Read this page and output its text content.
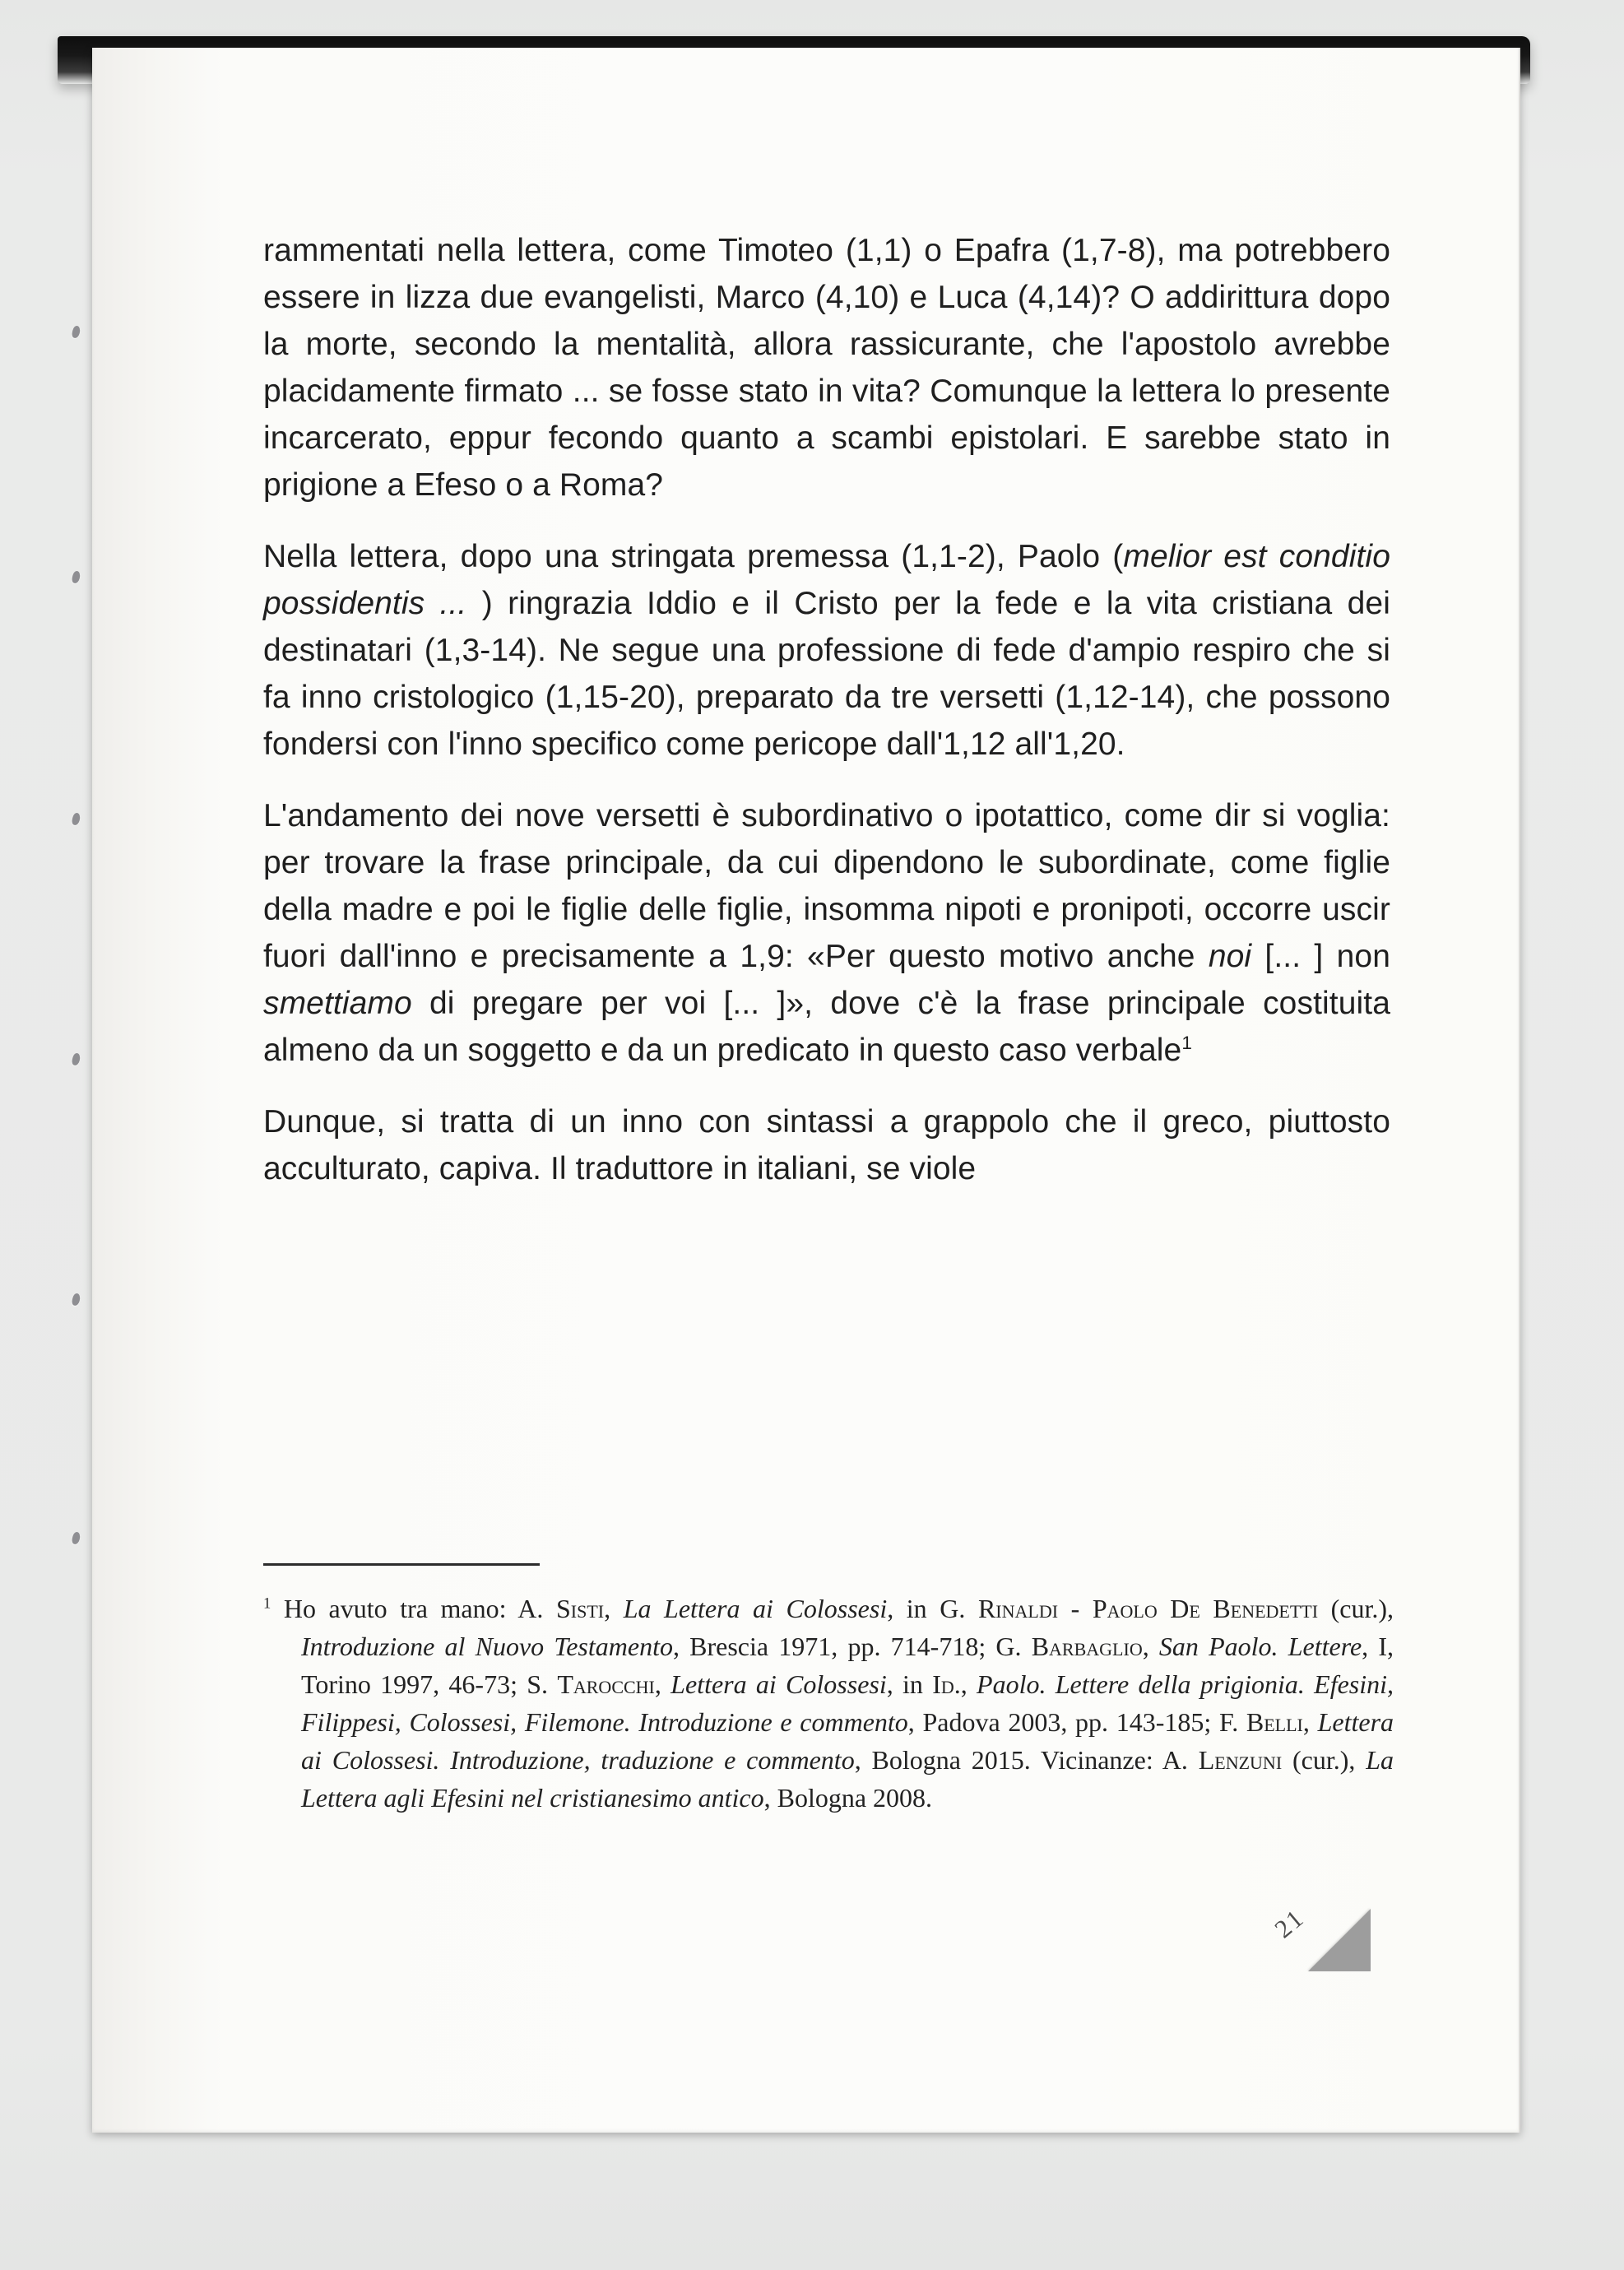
rammentati nella lettera, come Timoteo (1,1) o Epafra (1,7-8), ma potrebbero essere in lizza due evangelisti, Marco (4,10) e Luca (4,14)? O addirittura dopo la morte, secondo la mentalità, allora rassicurante, che l'apostolo avrebbe placidamente firmato ... se fosse stato in vita? Comunque la lettera lo presente incarcerato, eppur fecondo quanto a scambi epistolari. E sarebbe stato in prigione a Efeso o a Roma?

Nella lettera, dopo una stringata premessa (1,1-2), Paolo (melior est conditio possidentis ... ) ringrazia Iddio e il Cristo per la fede e la vita cristiana dei destinatari (1,3-14). Ne segue una professione di fede d'ampio respiro che si fa inno cristologico (1,15-20), preparato da tre versetti (1,12-14), che possono fondersi con l'inno specifico come pericope dall'1,12 all'1,20.

L'andamento dei nove versetti è subordinativo o ipotattico, come dir si voglia: per trovare la frase principale, da cui dipendono le subordinate, come figlie della madre e poi le figlie delle figlie, insomma nipoti e pronipoti, occorre uscir fuori dall'inno e precisamente a 1,9: «Per questo motivo anche noi [... ] non smettiamo di pregare per voi [... ]», dove c'è la frase principale costituita almeno da un soggetto e da un predicato in questo caso verbale$^1$

Dunque, si tratta di un inno con sintassi a grappolo che il greco, piuttosto acculturato, capiva. Il traduttore in italiani, se viole

$^1$ Ho avuto tra mano: A. Sisti, La Lettera ai Colossesi, in G. Rinaldi - Paolo De Benedetti (cur.), Introduzione al Nuovo Testamento, Brescia 1971, pp. 714-718; G. Barbaglio, San Paolo. Lettere, I, Torino 1997, 46-73; S. Tarocchi, Lettera ai Colossesi, in Id., Paolo. Lettere della prigionia. Efesini, Filippesi, Colossesi, Filemone. Introduzione e commento, Padova 2003, pp. 143-185; F. Belli, Lettera ai Colossesi. Introduzione, traduzione e commento, Bologna 2015. Vicinanze: A. Lenzuni (cur.), La Lettera agli Efesini nel cristianesimo antico, Bologna 2008.

21
